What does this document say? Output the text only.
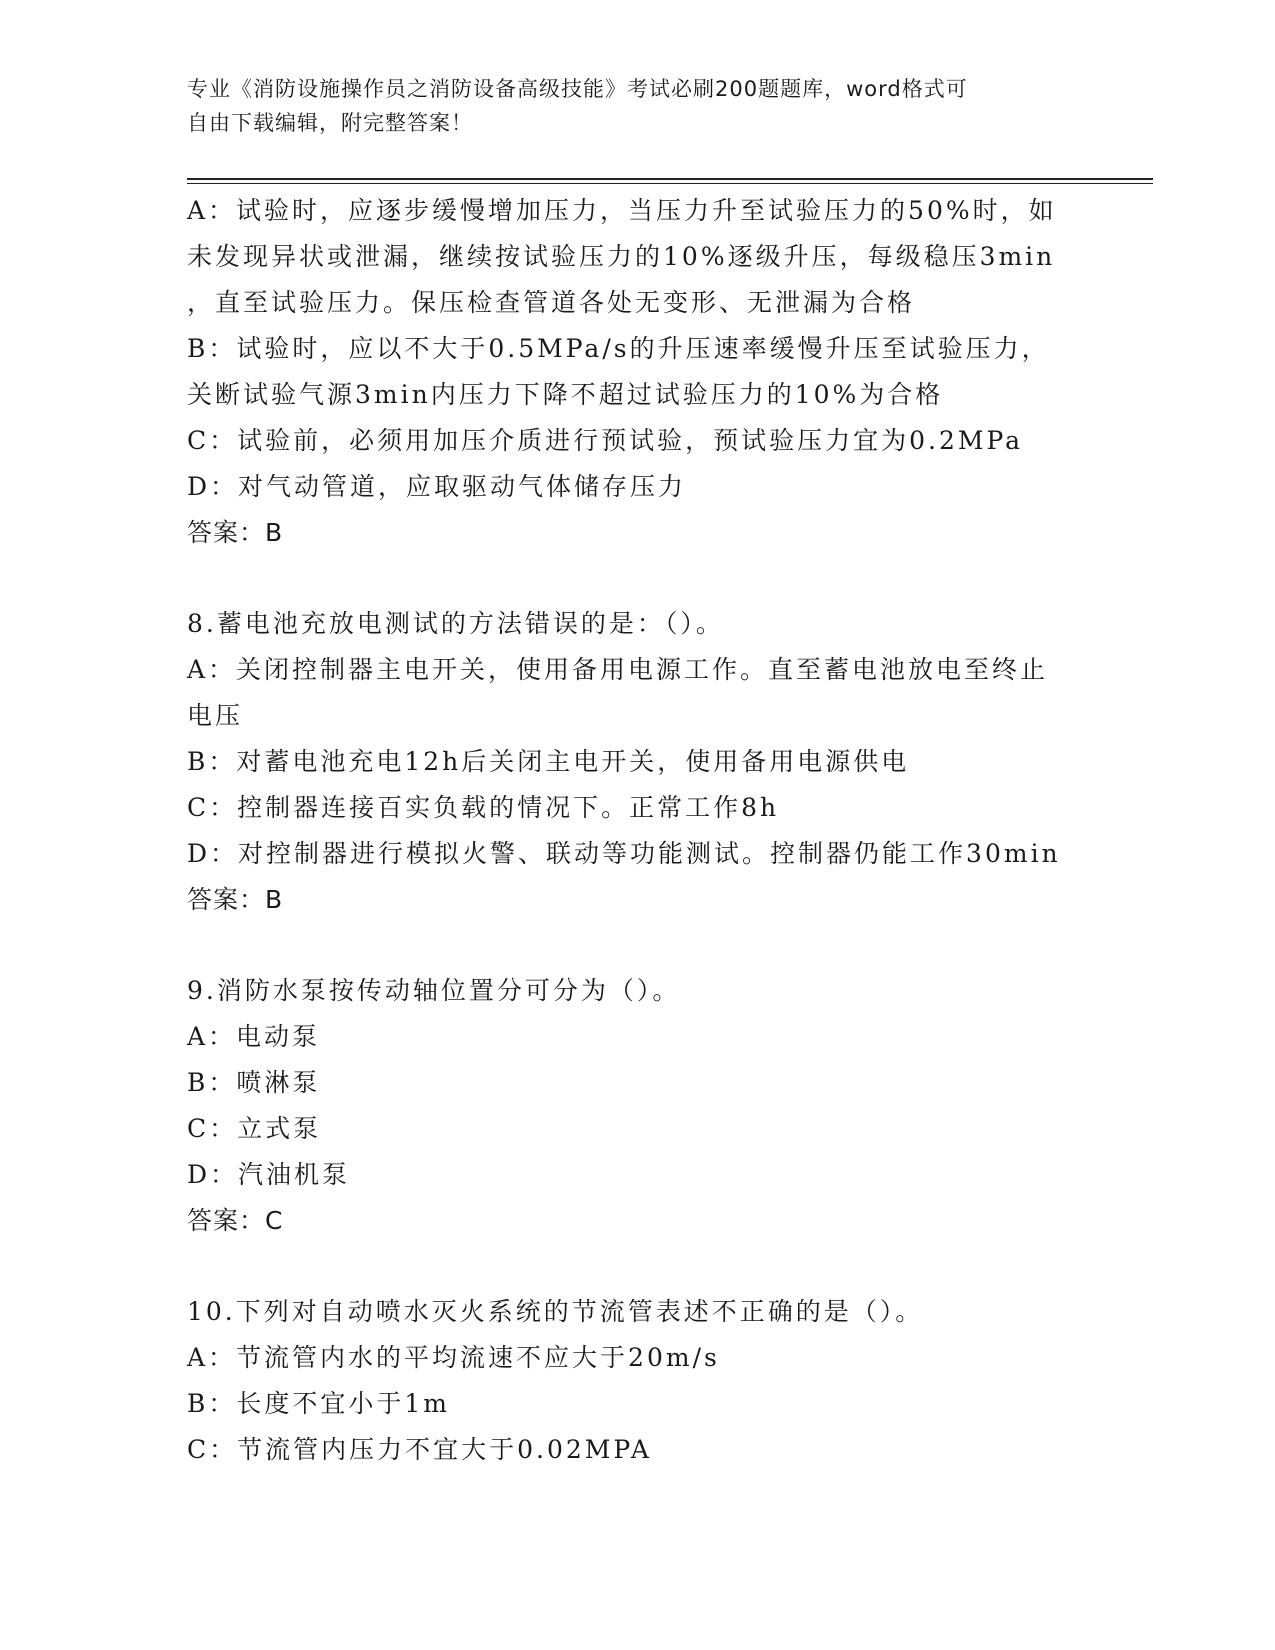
专业《消防设施操作员之消防设备高级技能》考试必刷200题题库，word格式可
自由下载编辑，附完整答案！
A：试验时，应逐步缓慢增加压力，当压力升至试验压力的50%时，如
未发现异状或泄漏，继续按试验压力的10%逐级升压，每级稳压3min
，直至试验压力。保压检查管道各处无变形、无泄漏为合格
B：试验时，应以不大于0.5MPa/s的升压速率缓慢升压至试验压力，
关断试验气源3min内压力下降不超过试验压力的10%为合格
C：试验前，必须用加压介质进行预试验，预试验压力宜为0.2MPa
D：对气动管道，应取驱动气体储存压力
答案：B
8.蓄电池充放电测试的方法错误的是：（）。
A：关闭控制器主电开关，使用备用电源工作。直至蓄电池放电至终止
电压
B：对蓄电池充电12h后关闭主电开关，使用备用电源供电
C：控制器连接百实负载的情况下。正常工作8h
D：对控制器进行模拟火警、联动等功能测试。控制器仍能工作30min
答案：B
9.消防水泵按传动轴位置分可分为（）。
A：电动泵
B：喷淋泵
C：立式泵
D：汽油机泵
答案：C
10.下列对自动喷水灭火系统的节流管表述不正确的是（）。
A：节流管内水的平均流速不应大于20m/s
B：长度不宜小于1m
C：节流管内压力不宜大于0.02MPA
